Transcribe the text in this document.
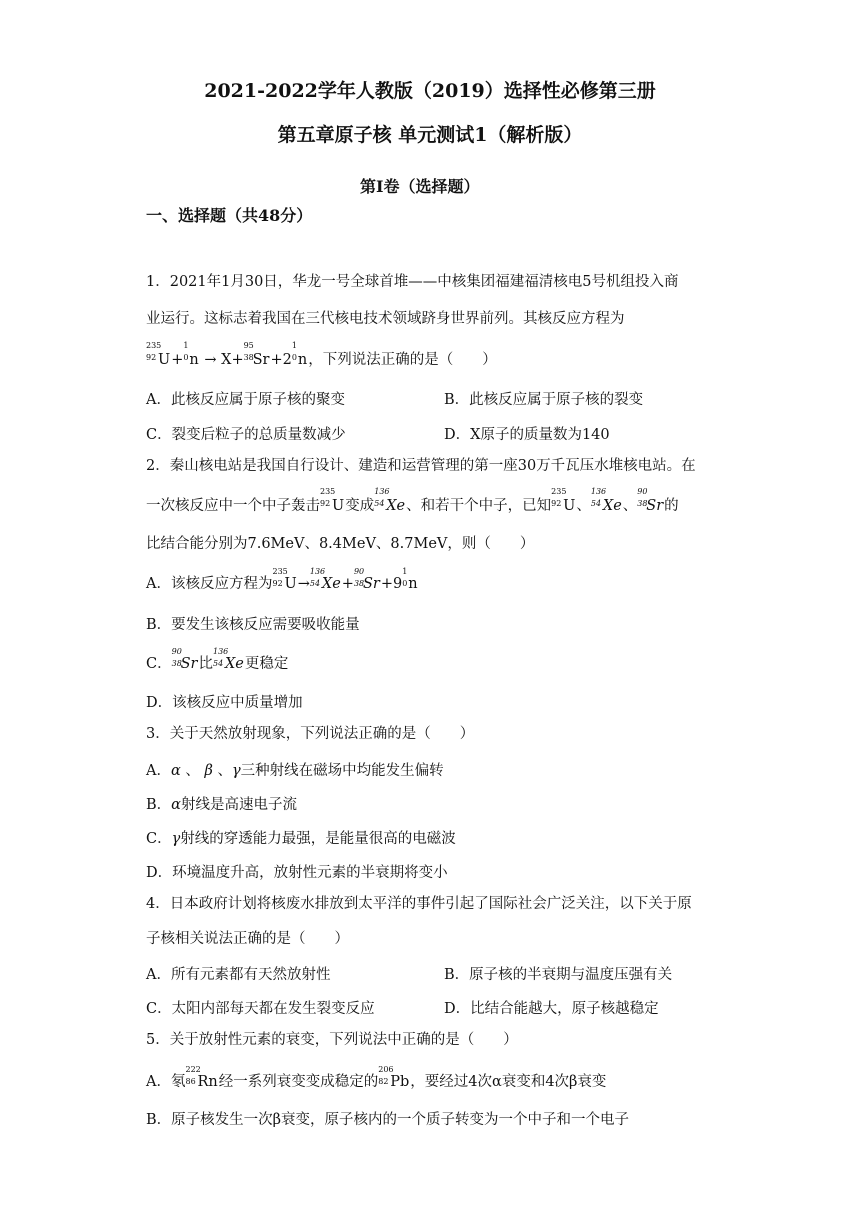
2021-2022学年人教版（2019）选择性必修第三册
第五章原子核 单元测试1（解析版）
第I卷（选择题）
一、选择题（共48分）
1．2021年1月30日，华龙一号全球首堆——中核集团福建福清核电5号机组投入商
业运行。这标志着我国在三代核电技术领域跻身世界前列。其核反应方程为
235
92 U+
1
0 n → X+
95
38
Sr+2
1
0 n，下列说法正确的是（　　）
A．此核反应属于原子核的聚变	B．此核反应属于原子核的裂变
C．裂变后粒子的总质量数减少	D．X原子的质量数为140
2．秦山核电站是我国自行设计、建造和运营管理的第一座30万千瓦压水堆核电站。在
一次核反应中一个中子轰击
235
92 U变成
136
54 Xe、和若干个中子，已知
235
92 U、
136
54 Xe、
90
38
Sr的
比结合能分别为7.6MeV、8.4MeV、8.7MeV，则（　　）
A．该核反应方程为
235
92 U→
136
54 Xe+
90
38
Sr+9
1
0 n
B．要发生该核反应需要吸收能量
C．
90
38
Sr比
136
54 Xe更稳定
D．该核反应中质量增加
3．关于天然放射现象，下列说法正确的是（　　）
A．α 、 β 、γ三种射线在磁场中均能发生偏转
B．α射线是高速电子流
C．γ射线的穿透能力最强，是能量很高的电磁波
D．环境温度升高，放射性元素的半衰期将变小
4．日本政府计划将核废水排放到太平洋的事件引起了国际社会广泛关注，以下关于原
子核相关说法正确的是（　　）
A．所有元素都有天然放射性	B．原子核的半衰期与温度压强有关
C．太阳内部每天都在发生裂变反应	D．比结合能越大，原子核越稳定
5．关于放射性元素的衰变，下列说法中正确的是（　　）
A．氡
222
86 Rn经一系列衰变变成稳定的
206
82 Pb，要经过4次α衰变和4次β衰变
B．原子核发生一次β衰变，原子核内的一个质子转变为一个中子和一个电子
